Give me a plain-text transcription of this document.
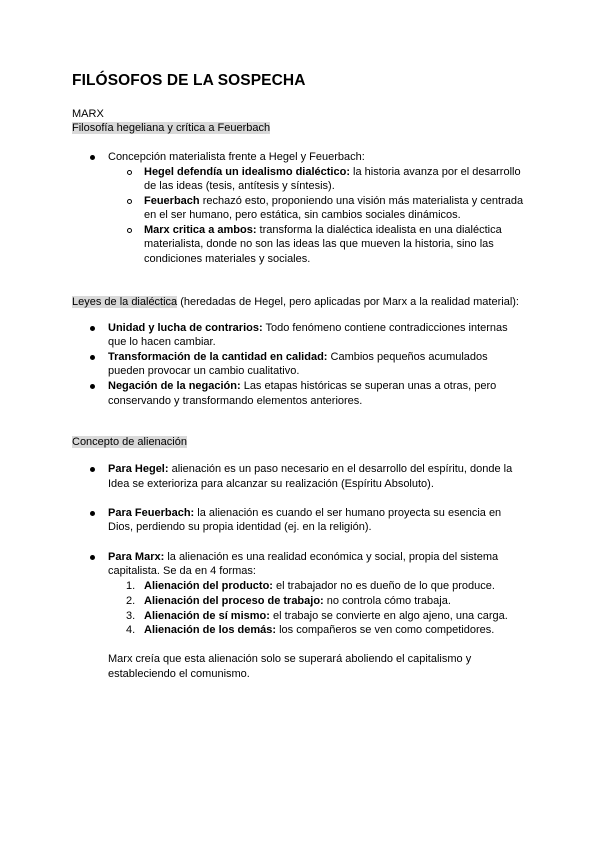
FILÓSOFOS DE LA SOSPECHA
MARX
Filosofía hegeliana y crítica a Feuerbach
Concepción materialista frente a Hegel y Feuerbach:
Hegel defendía un idealismo dialéctico: la historia avanza por el desarrollo
de las ideas (tesis, antítesis y síntesis).
Feuerbach rechazó esto, proponiendo una visión más materialista y centrada
en el ser humano, pero estática, sin cambios sociales dinámicos.
Marx critica a ambos: transforma la dialéctica idealista en una dialéctica
materialista, donde no son las ideas las que mueven la historia, sino las
condiciones materiales y sociales.
Leyes de la dialéctica (heredadas de Hegel, pero aplicadas por Marx a la realidad material):
Unidad y lucha de contrarios: Todo fenómeno contiene contradicciones internas
que lo hacen cambiar.
Transformación de la cantidad en calidad: Cambios pequeños acumulados
pueden provocar un cambio cualitativo.
Negación de la negación: Las etapas históricas se superan unas a otras, pero
conservando y transformando elementos anteriores.
Concepto de alienación
Para Hegel: alienación es un paso necesario en el desarrollo del espíritu, donde la
Idea se exterioriza para alcanzar su realización (Espíritu Absoluto).
Para Feuerbach: la alienación es cuando el ser humano proyecta su esencia en
Dios, perdiendo su propia identidad (ej. en la religión).
Para Marx: la alienación es una realidad económica y social, propia del sistema
capitalista. Se da en 4 formas:
1. Alienación del producto: el trabajador no es dueño de lo que produce.
2. Alienación del proceso de trabajo: no controla cómo trabaja.
3. Alienación de sí mismo: el trabajo se convierte en algo ajeno, una carga.
4. Alienación de los demás: los compañeros se ven como competidores.
Marx creía que esta alienación solo se superará aboliendo el capitalismo y
estableciendo el comunismo.
